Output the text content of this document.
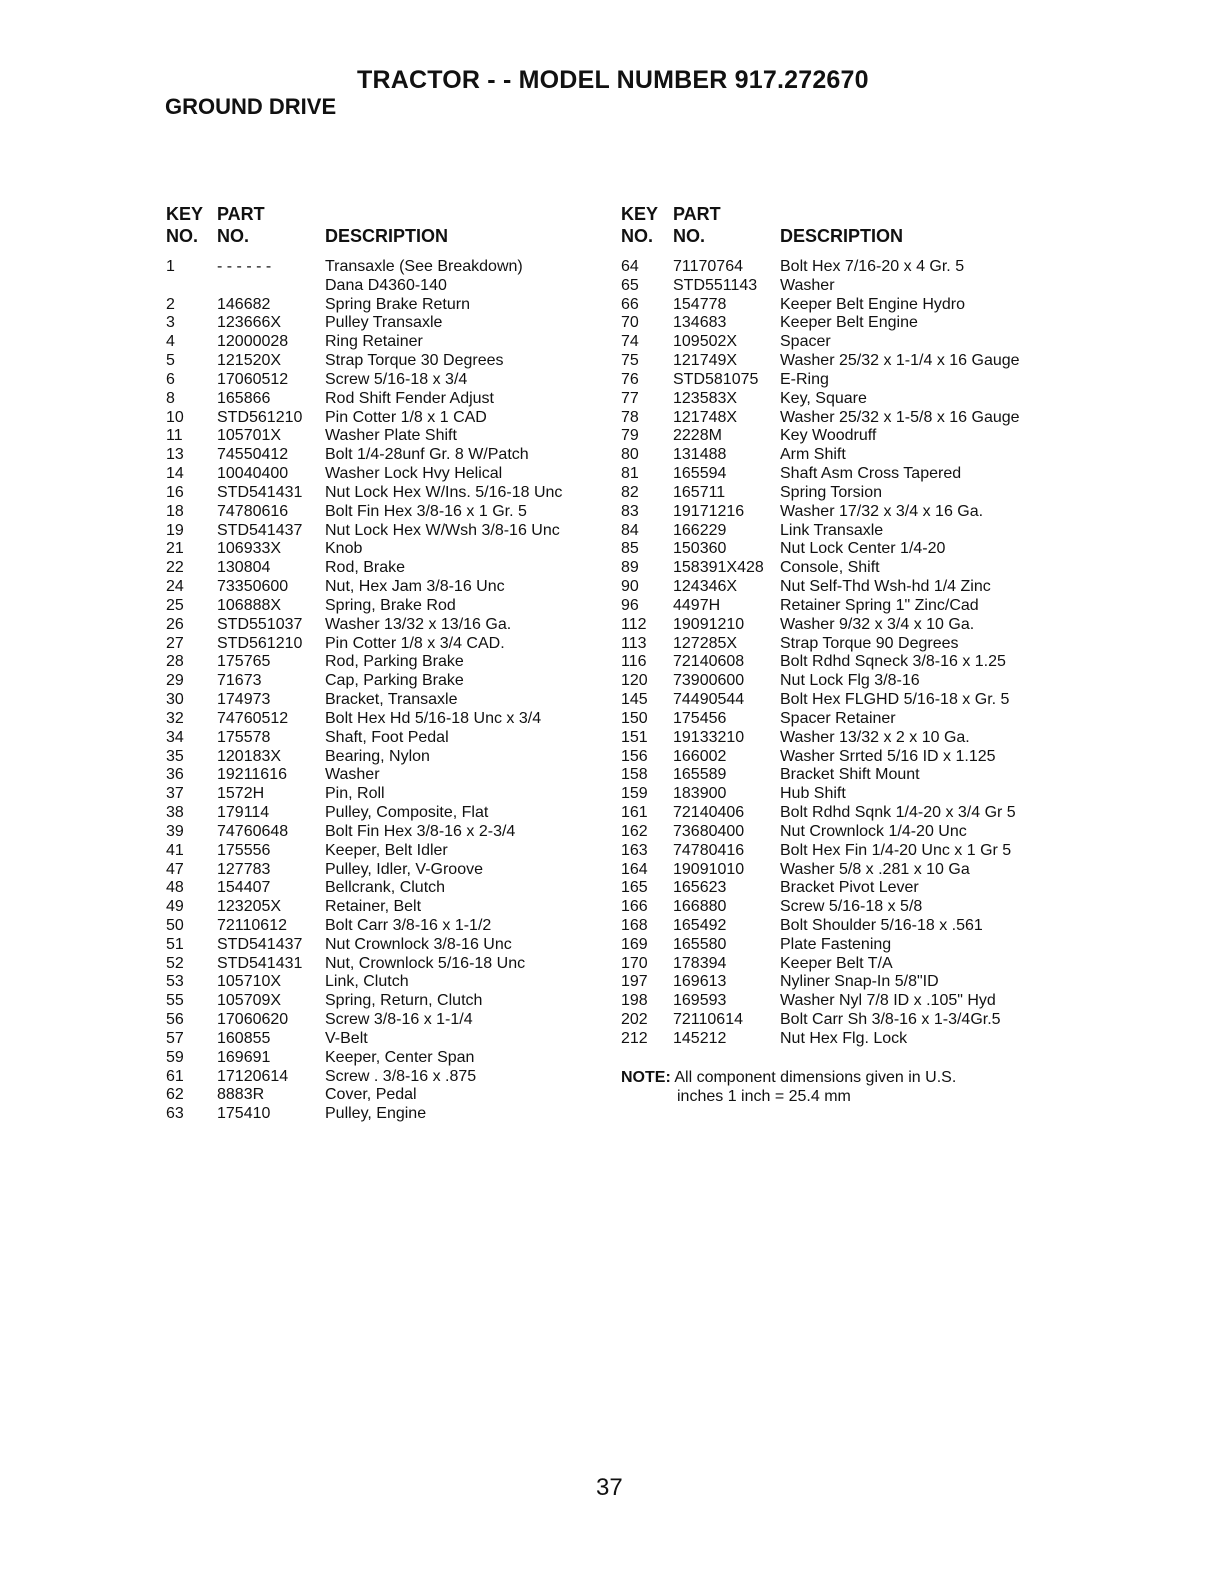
TRACTOR - - MODEL NUMBER 917.272670
GROUND DRIVE
KEY
NO.
PART
NO.	DESCRIPTION
1	- - - - - -	Transaxle (See Breakdown)
Dana D4360-140
2	146682	Spring Brake Return
3	123666X	Pulley Transaxle
4	12000028 Ring Retainer
5	121520X	Strap Torque 30 Degrees
6	17060512 Screw 5/16-18 x 3/4
8	165866	Rod Shift Fender Adjust
10 STD561210 Pin Cotter 1/8 x 1 CAD
11 105701X	Washer Plate Shift
13 74550412 Bolt 1/4-28unf Gr. 8 W/Patch
14 10040400 Washer Lock Hvy Helical
16 STD541431 Nut Lock Hex W/Ins. 5/16-18 Unc
18 74780616 Bolt Fin Hex 3/8-16 x 1 Gr. 5
19 STD541437 Nut Lock Hex W/Wsh 3/8-16 Unc
21 106933X	Knob
22 130804	Rod, Brake
24 73350600 Nut, Hex Jam 3/8-16 Unc
25 106888X	Spring, Brake Rod
26 STD551037 Washer 13/32 x 13/16 Ga.
27 STD561210 Pin Cotter 1/8 x 3/4 CAD.
28 175765	Rod, Parking Brake
29 71673	Cap, Parking Brake
30 174973	Bracket, Transaxle
32 74760512 Bolt Hex Hd 5/16-18 Unc x 3/4
34 175578	Shaft, Foot Pedal
35 120183X	Bearing, Nylon
36 19211616 Washer
37 1572H	Pin, Roll
38 179114	Pulley, Composite, Flat
39 74760648 Bolt Fin Hex 3/8-16 x 2-3/4
41 175556	Keeper, Belt Idler
47 127783	Pulley, Idler, V-Groove
48 154407	Bellcrank, Clutch
49 123205X	Retainer, Belt
50 72110612 Bolt Carr 3/8-16 x 1-1/2
51 STD541437 Nut Crownlock 3/8-16 Unc
52 STD541431 Nut, Crownlock 5/16-18 Unc
53 105710X	Link, Clutch
55 105709X	Spring, Return, Clutch
56 17060620 Screw 3/8-16 x 1-1/4
57 160855	V-Belt
59 169691	Keeper, Center Span
61 17120614 Screw . 3/8-16 x .875
62 8883R	Cover, Pedal
63 175410	Pulley, Engine
KEY
NO.
PART
NO.	DESCRIPTION
64 71170764 Bolt Hex 7/16-20 x 4 Gr. 5
65 STD551143 Washer
66 154778	Keeper Belt Engine Hydro
70 134683	Keeper Belt Engine
74 109502X	Spacer
75 121749X	Washer 25/32 x 1-1/4 x 16 Gauge
76 STD581075 E-Ring
77 123583X	Key, Square
78 121748X	Washer 25/32 x 1-5/8 x 16 Gauge
79 2228M	Key Woodruff
80 131488	Arm Shift
81 165594	Shaft Asm Cross Tapered
82 165711	Spring Torsion
83 19171216 Washer 17/32 x 3/4 x 16 Ga.
84 166229	Link Transaxle
85 150360	Nut Lock Center 1/4-20
89 158391X428 Console, Shift
90 124346X	Nut Self-Thd Wsh-hd 1/4 Zinc
96 4497H	Retainer Spring 1" Zinc/Cad
112 19091210 Washer 9/32 x 3/4 x 10 Ga.
113 127285X	Strap Torque 90 Degrees
116 72140608 Bolt Rdhd Sqneck 3/8-16 x 1.25
120 73900600 Nut Lock Flg 3/8-16
145 74490544 Bolt Hex FLGHD 5/16-18 x Gr. 5
150 175456	Spacer Retainer
151 19133210 Washer 13/32 x 2 x 10 Ga.
156 166002	Washer Srrted 5/16 ID x 1.125
158 165589	Bracket Shift Mount
159 183900	Hub Shift
161 72140406 Bolt Rdhd Sqnk 1/4-20 x 3/4 Gr 5
162 73680400 Nut Crownlock 1/4-20 Unc
163 74780416 Bolt Hex Fin 1/4-20 Unc x 1 Gr 5
164 19091010 Washer 5/8 x .281 x 10 Ga
165 165623	Bracket Pivot Lever
166 166880	Screw 5/16-18 x 5/8
168 165492	Bolt Shoulder 5/16-18 x .561
169 165580	Plate Fastening
170 178394	Keeper Belt T/A
197 169613	Nyliner Snap-In 5/8"ID
198 169593	Washer Nyl 7/8 ID x .105" Hyd
202 72110614 Bolt Carr Sh 3/8-16 x 1-3/4Gr.5
212 145212	Nut Hex Flg. Lock
NOTE: All component dimensions given in U.S.
inches 1 inch = 25.4 mm
37
